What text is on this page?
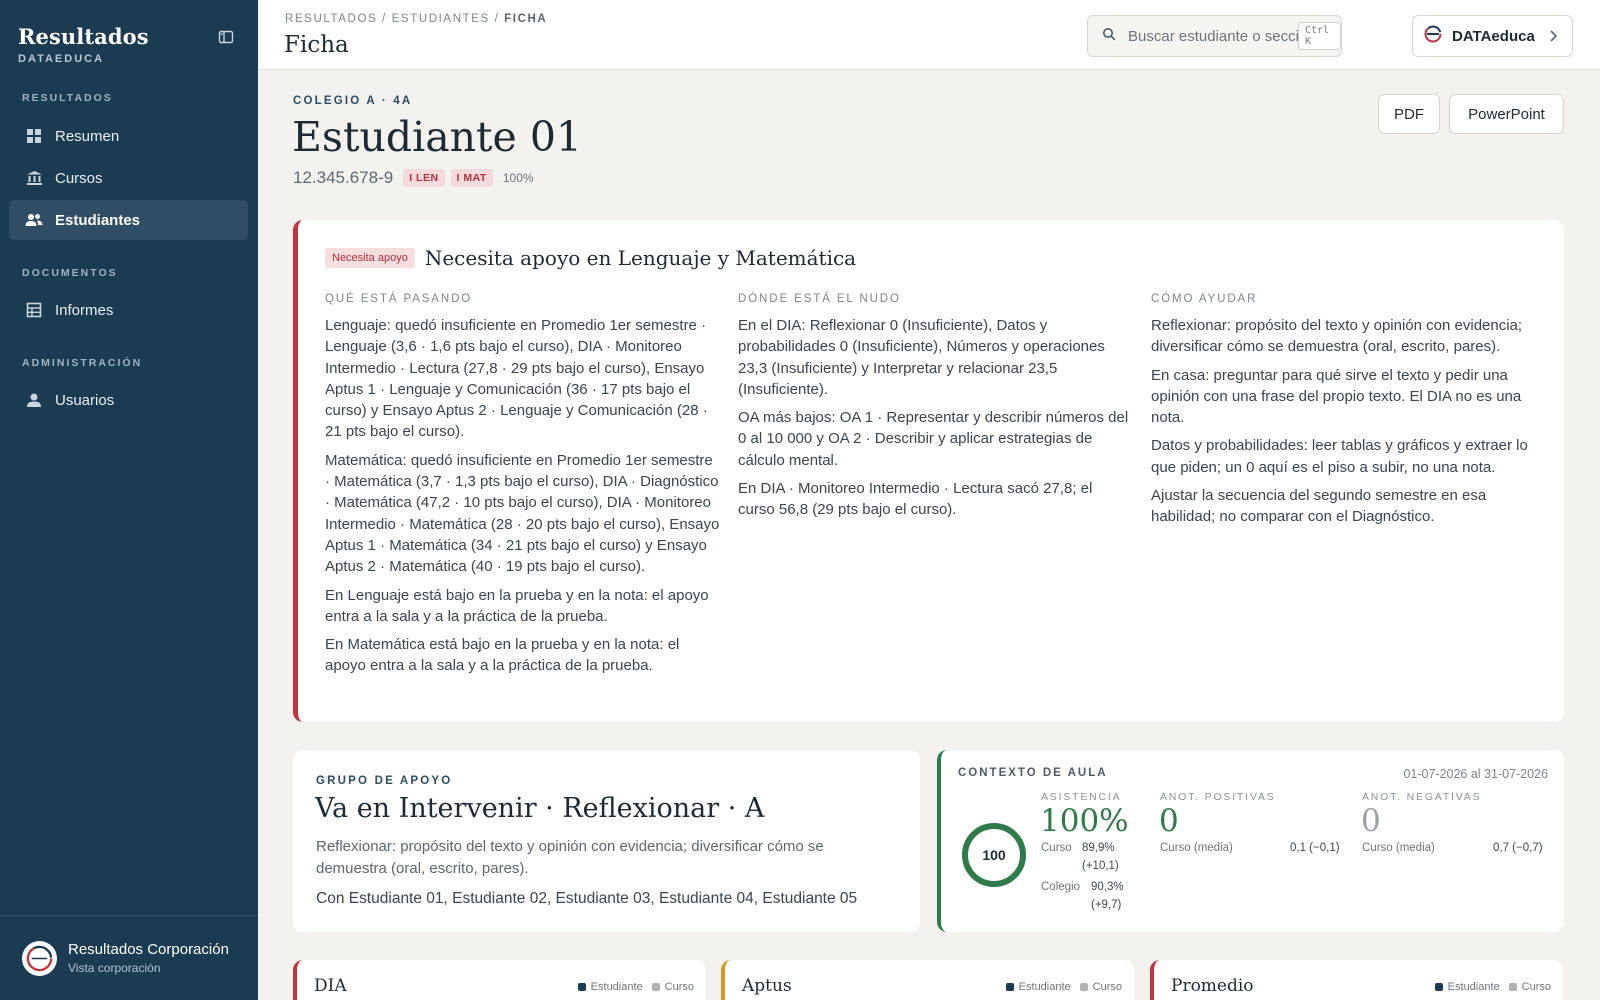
Resultados
DATAEDUCA
RESULTADOS
Resumen
Cursos
Estudiantes
DOCUMENTOS
Informes
ADMINISTRACIÓN
Usuarios
Resultados Corporación
Vista corporación
RESULTADOS / ESTUDIANTES / FICHA
Ficha
Buscar estudiante o sección
Ctrl K	DATAeduca
COLEGIO A · 4A
Estudiante 01
12.345.678-9	I LEN	I MAT	100%
PDF	PowerPoint
Necesita apoyo Necesita apoyo en Lenguaje y Matemática
QUÉ ESTÁ PASANDO

Lenguaje: quedó insuficiente en Promedio 1er semestre · Lenguaje (3,6 · 1,6 pts bajo el curso), DIA · Monitoreo Intermedio · Lectura (27,8 · 29 pts bajo el curso), Ensayo Aptus 1 · Lenguaje y Comunicación (36 · 17 pts bajo el curso) y Ensayo Aptus 2 · Lenguaje y Comunicación (28 · 21 pts bajo el curso).

Matemática: quedó insuficiente en Promedio 1er semestre · Matemática (3,7 · 1,3 pts bajo el curso), DIA · Diagnóstico · Matemática (47,2 · 10 pts bajo el curso), DIA · Monitoreo Intermedio · Matemática (28 · 20 pts bajo el curso), Ensayo Aptus 1 · Matemática (34 · 21 pts bajo el curso) y Ensayo Aptus 2 · Matemática (40 · 19 pts bajo el curso).

En Lenguaje está bajo en la prueba y en la nota: el apoyo entra a la sala y a la práctica de la prueba.

En Matemática está bajo en la prueba y en la nota: el apoyo entra a la sala y a la práctica de la prueba.

DÓNDE ESTÁ EL NUDO

En el DIA: Reflexionar 0 (Insuficiente), Datos y probabilidades 0 (Insuficiente), Números y operaciones 23,3 (Insuficiente) y Interpretar y relacionar 23,5 (Insuficiente).

OA más bajos: OA 1 · Representar y describir números del 0 al 10 000 y OA 2 · Describir y aplicar estrategias de cálculo mental.

En DIA · Monitoreo Intermedio · Lectura sacó 27,8; el curso 56,8 (29 pts bajo el curso).

CÓMO AYUDAR

Reflexionar: propósito del texto y opinión con evidencia; diversificar cómo se demuestra (oral, escrito, pares).

En casa: preguntar para qué sirve el texto y pedir una opinión con una frase del propio texto. El DIA no es una nota.

Datos y probabilidades: leer tablas y gráficos y extraer lo que piden; un 0 aquí es el piso a subir, no una nota.

Ajustar la secuencia del segundo semestre en esa habilidad; no comparar con el Diagnóstico.

GRUPO DE APOYO
Va en Intervenir · Reflexionar · A
Reflexionar: propósito del texto y opinión con evidencia; diversificar cómo se demuestra (oral, escrito, pares).
Con Estudiante 01, Estudiante 02, Estudiante 03, Estudiante 04, Estudiante 05
CONTEXTO DE AULA	01-07-2026 al 31-07-2026
100
ASISTENCIA
100%
Curso 89,9%
(+10,1)
Colegio 90,3%
(+9,7)
ANOT. POSITIVAS
0
Curso (media)	0,1 (−0,1)
ANOT. NEGATIVAS
0
Curso (media)	0,7 (−0,7)
DIA	Estudiante Curso	Aptus	Estudiante Curso	Promedio	Estudiante Curso
